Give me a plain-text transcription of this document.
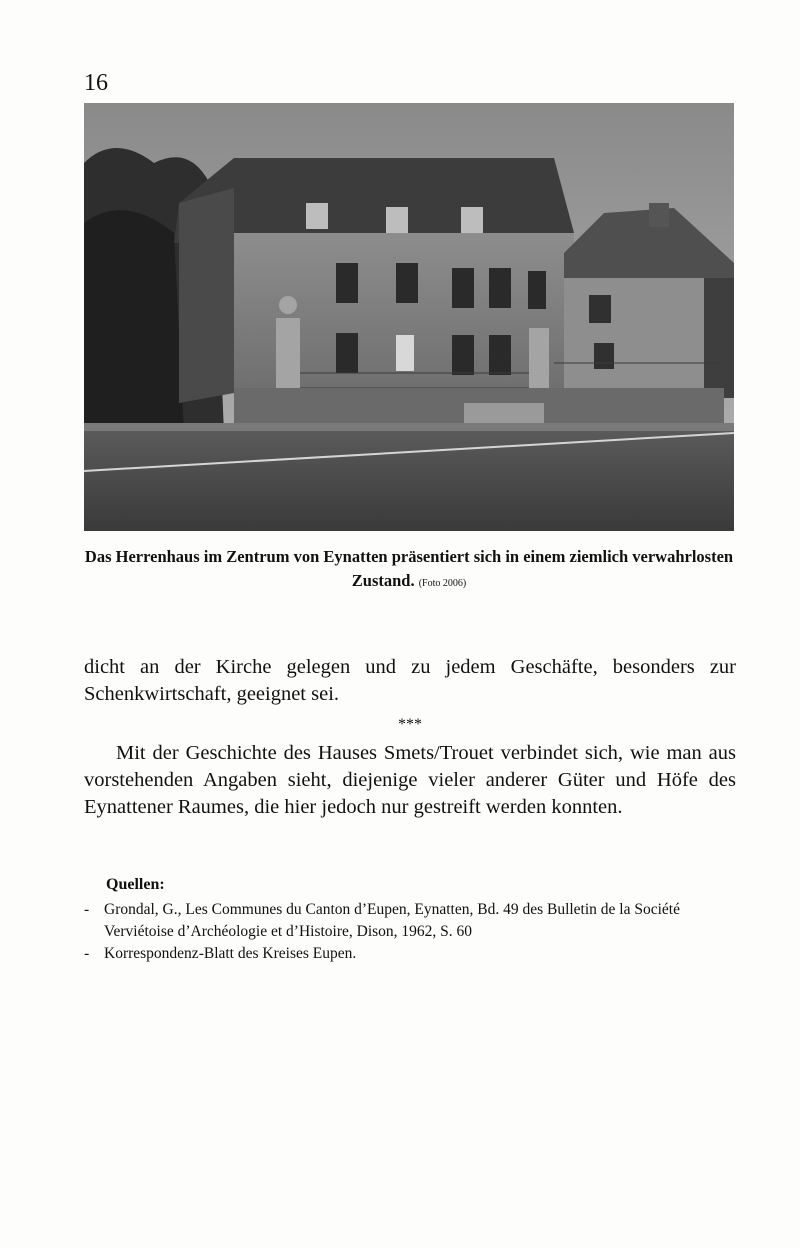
16
Das Herrenhaus im Zentrum von Eynatten präsentiert sich in einem ziemlich verwahrlosten Zustand. (Foto 2006)

dicht an der Kirche gelegen und zu jedem Geschäfte, besonders zur Schenkwirtschaft, geeignet sei.

***

Mit der Geschichte des Hauses Smets/Trouet verbindet sich, wie man aus vorstehenden Angaben sieht, diejenige vieler anderer Güter und Höfe des Eynattener Raumes, die hier jedoch nur gestreift werden konnten.

Quellen:
- Grondal, G., Les Communes du Canton d’Eupen, Eynatten, Bd. 49 des Bulletin de la Société Verviétoise d’Archéologie et d’Histoire, Dison, 1962, S. 60
- Korrespondenz-Blatt des Kreises Eupen.
